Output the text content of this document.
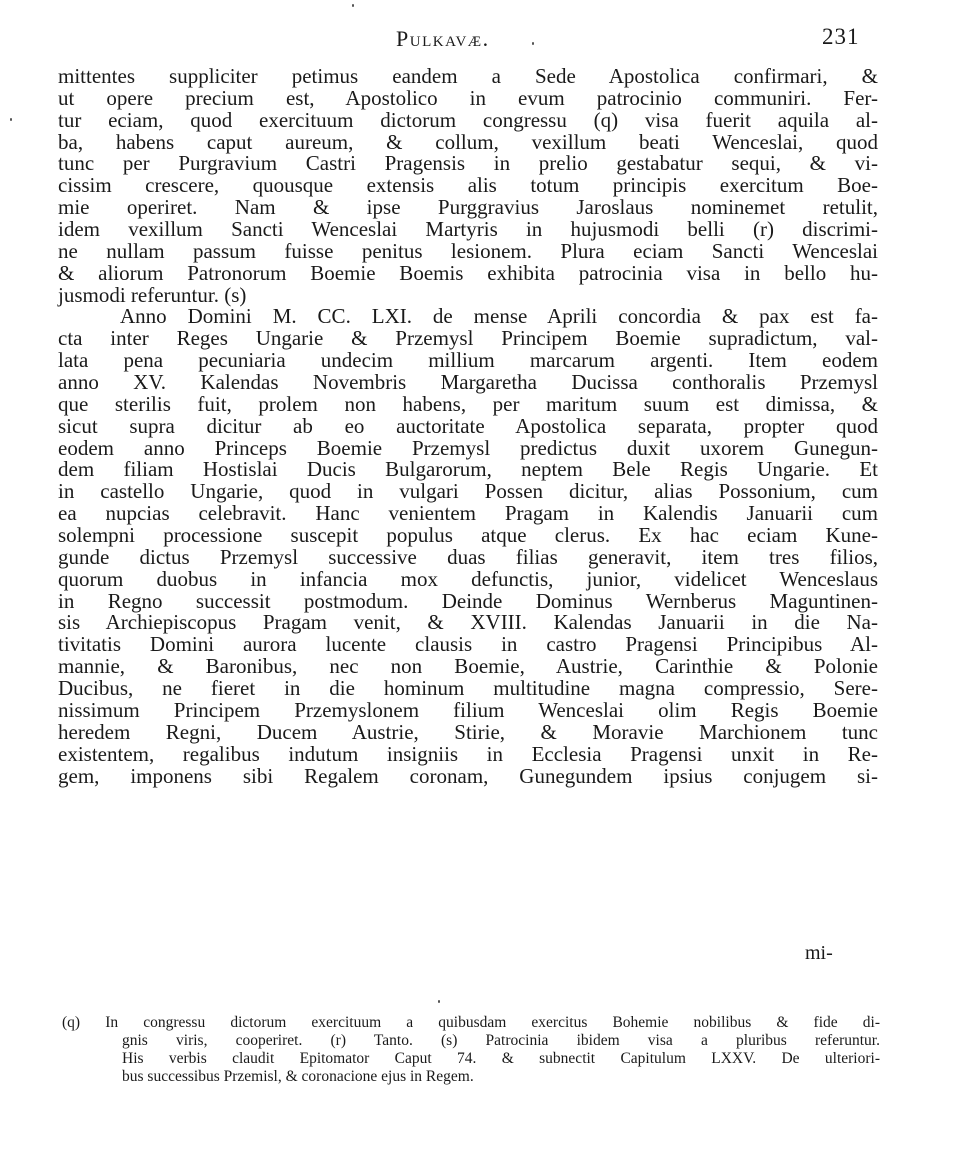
Pulkavæ.	231
mittentes suppliciter petimus eandem a Sede Apostolica confirmari, &
ut opere precium est, Apostolico in evum patrocinio communiri. Fer-
tur eciam, quod exercituum dictorum congressu (q) visa fuerit aquila al-
ba, habens caput aureum, & collum, vexillum beati Wenceslai, quod
tunc per Purgravium Castri Pragensis in prelio gestabatur sequi, & vi-
cissim crescere, quousque extensis alis totum principis exercitum Boe-
mie operiret. Nam & ipse Purggravius Jaroslaus nominemet retulit,
idem vexillum Sancti Wenceslai Martyris in hujusmodi belli (r) discrimi-
ne nullam passum fuisse penitus lesionem. Plura eciam Sancti Wenceslai
& aliorum Patronorum Boemie Boemis exhibita patrocinia visa in bello hu-
jusmodi referuntur. (s)
Anno Domini M. CC. LXI. de mense Aprili concordia & pax est fa-
cta inter Reges Ungarie & Przemysl Principem Boemie supradictum, val-
lata pena pecuniaria undecim millium marcarum argenti. Item eodem
anno XV. Kalendas Novembris Margaretha Ducissa conthoralis Przemysl
que sterilis fuit, prolem non habens, per maritum suum est dimissa, &
sicut supra dicitur ab eo auctoritate Apostolica separata, propter quod
eodem anno Princeps Boemie Przemysl predictus duxit uxorem Gunegun-
dem filiam Hostislai Ducis Bulgarorum, neptem Bele Regis Ungarie. Et
in castello Ungarie, quod in vulgari Possen dicitur, alias Possonium, cum
ea nupcias celebravit. Hanc venientem Pragam in Kalendis Januarii cum
solempni processione suscepit populus atque clerus. Ex hac eciam Kune-
gunde dictus Przemysl successive duas filias generavit, item tres filios,
quorum duobus in infancia mox defunctis, junior, videlicet Wenceslaus
in Regno successit postmodum. Deinde Dominus Wernberus Maguntinen-
sis Archiepiscopus Pragam venit, & XVIII. Kalendas Januarii in die Na-
tivitatis Domini aurora lucente clausis in castro Pragensi Principibus Al-
mannie, & Baronibus, nec non Boemie, Austrie, Carinthie & Polonie
Ducibus, ne fieret in die hominum multitudine magna compressio, Sere-
nissimum Principem Przemyslonem filium Wenceslai olim Regis Boemie
heredem Regni, Ducem Austrie, Stirie, & Moravie Marchionem tunc
existentem, regalibus indutum insigniis in Ecclesia Pragensi unxit in Re-
gem, imponens sibi Regalem coronam, Gunegundem ipsius conjugem si-
mi-
(q) In congressu dictorum exercituum a quibusdam exercitus Bohemie nobilibus & fide di-
gnis viris, cooperiret. (r) Tanto. (s) Patrocinia ibidem visa a pluribus referuntur.
His verbis claudit Epitomator Caput 74. & subnectit Capitulum LXXV. De ulteriori-
bus successibus Przemisl, & coronacione ejus in Regem.
